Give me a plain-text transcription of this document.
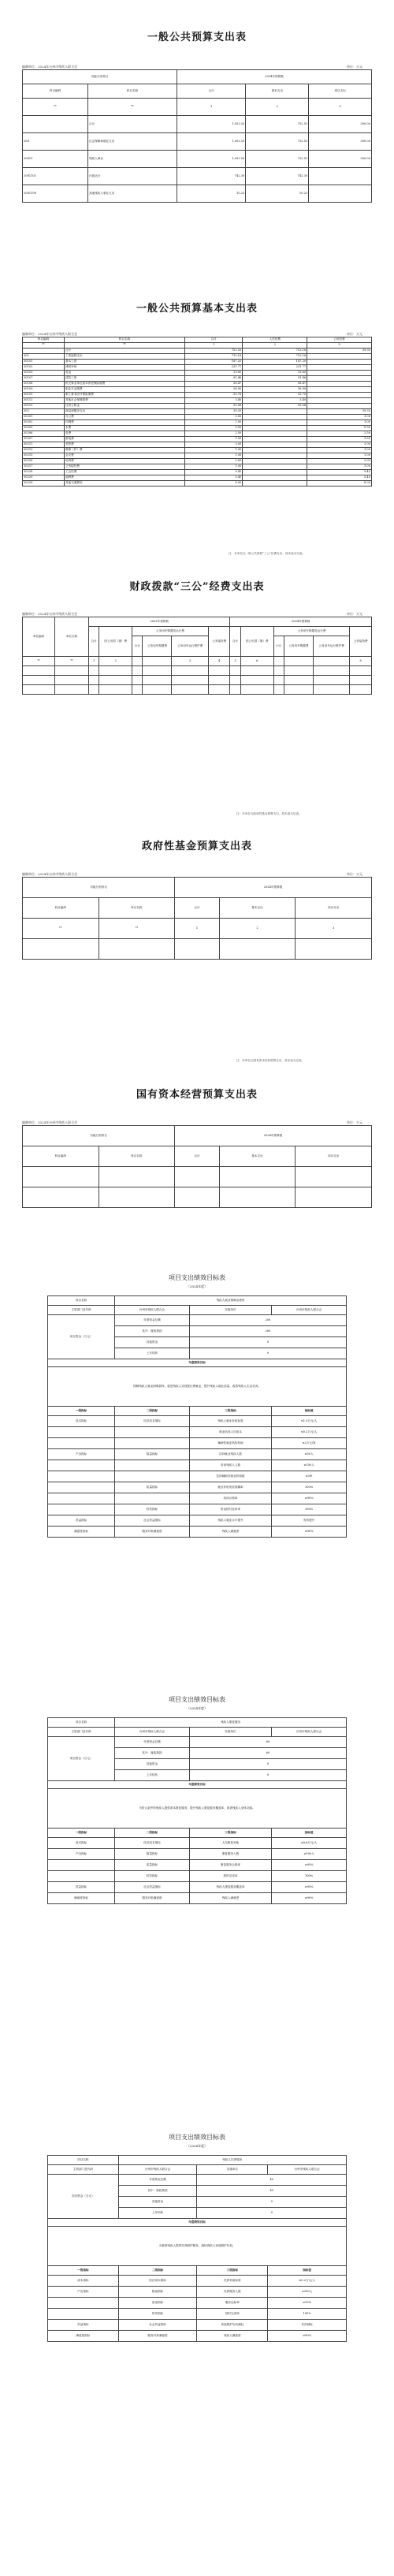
一般公共预算支出表
编制单位：2024年台州市残疾人联合会	单位：万元
功能分类科目		2024年预算数		
科目编码	科目名称	合计	基本支出	项目支出
**	**	1	2	3
	合计	1,052.53	752.53	300.00
208	社会保障和就业支出	1,052.53	752.53	300.00
20811	残疾人事业	1,052.53	752.53	300.00
2081101	行政运行	742.30	742.30	
2081199	其他残疾人事业支出	10.23	10.23	
一般公共预算基本支出表
编制单位：2024年台州市残疾人联合会	单位：万元
科目编码	科目名称	合计	人员经费	公用经费
**	**	1	2	3
	合计	752.53	713.18	39.35
301	工资福利支出	713.18	713.18	
30101	基本工资	187.20	187.20	
30102	津贴补贴	231.77	231.77	
30103	奖金	13.85	13.85	
30107	绩效工资	91.46	91.46	
30108	机关事业单位基本养老保险缴费	58.47	58.47	
30109	职业年金缴费	28.90	28.90	
30110	职工基本医疗保险缴费	33.70	33.70	
30112	其他社会保障缴费	3.40	3.40	
30113	住房公积金	55.06	55.06	
302	商品和服务支出	39.35		39.35
30201	办公费	3.00		3.00
30202	印刷费	1.00		1.00
30205	水费	0.50		0.50
30206	电费	2.50		2.50
30207	邮电费	1.50		1.50
30211	差旅费	3.00		3.00
30213	维修（护）费	1.00		1.00
30215	会议费	1.00		1.00
30216	培训费	2.00		2.00
30217	公务接待费	1.00		1.00
30228	工会经费	9.45		9.45
30229	福利费	5.40		5.40
30239	其他交通费用	8.00		8.00
注：本单位无一般公共预算“三公”经费支出，故本表为空表。
财政拨款“三公”经费支出表
编制单位：2024年台州市残疾人联合会	单位：万元
单位编码	单位名称	2023年预算数						2024年预算数					
		合计	因公出国（境）费	公务用车购置及运行费			公务接待费	合计	因公出国（境）费	公务用车购置及运行费			公务接待费
				小计	公务用车购置费	公务用车运行维护费				小计	公务用车购置费	公务用车运行维护费	
**	**	1	2			3	4	5	6				8

注：本单位无政府性基金预算支出，故本表为空表。
政府性基金预算支出表
编制单位：2024年台州市残疾人联合会	单位：万元
功能分类科目		2024年预算数		
科目编码	科目名称	合计	基本支出	项目支出
**	**	1	2	3

注：本单位无国有资本经营预算支出，故本表为空表。
国有资本经营预算支出表
编制单位：2024年台州市残疾人联合会	单位：万元
功能分类科目		2024年预算数		
科目编码	科目名称	合计	基本支出	项目支出

项目支出绩效目标表
（2024年度）
项目名称	残疾人就业保障金使用		
主管部门及代码	台州市残疾人联合会	实施单位	台州市残疾人联合会
项目资金（万元）	年度资金总额	200	
	其中：财政拨款	200	
	其他资金	0	
	上年结转	0	
年度绩效目标			
保障残疾人就业困难群体，促进残疾人实现按比例就业，提升残疾人就业质量，改善残疾人生活状况。			
一级指标	二级指标	三级指标	指标值
成本指标	经济成本指标	残疾人就业补贴标准	≤1.5万元/人
		职业培训人均成本	≤0.2万元/人
		辅助性就业机构补助	≤2万元/家
产出指标	数量指标	扶持就业残疾人数	≥50人
		培训残疾人人数	≥100人
		扶持辅助性就业机构数	≥3家
	质量指标	就业补贴发放准确率	100%
		培训合格率	≥90%
	时效指标	资金拨付及时率	100%
效益指标	社会效益指标	残疾人就业水平提升	有所提升
满意度指标	服务对象满意度	残疾人满意度	≥90%
项目支出绩效目标表
（2024年度）
项目名称	残疾人康复服务		
主管部门及代码	台州市残疾人联合会	实施单位	台州市残疾人联合会
项目资金（万元）	年度资金总额	60	
	其中：财政拨款	60	
	其他资金	0	
	上年结转	0	
年度绩效目标			
为符合条件的残疾人提供基本康复服务，提升残疾人康复服务覆盖率，改善残疾人身体功能。			
一级指标	二级指标	三级指标	指标值
成本指标	经济成本指标	人均康复补助	≤0.6万元/人
产出指标	数量指标	康复服务人数	≥100人
	质量指标	康复服务合格率	≥95%
	时效指标	按时完成率	100%
效益指标	社会效益指标	残疾人康复服务覆盖率	≥95%
满意度指标	服务对象满意度	残疾人满意度	≥90%
项目支出绩效目标表
（2024年度）
项目名称	残疾人托养服务		
主管部门及代码	台州市残疾人联合会	实施单位	台州市残疾人联合会
项目资金（万元）	年度资金总额	40	
	其中：财政拨款	40	
	其他资金	0	
	上年结转	0	
年度绩效目标			
为重度残疾人提供托养照护服务，减轻残疾人家庭照护负担。			
一级指标	二级指标	三级指标	指标值
成本指标	经济成本指标	托养补助标准	≤0.2万元/人
产出指标	数量指标	托养服务人数	≥200人
	质量指标	服务达标率	≥95%
	时效指标	按时完成率	100%
效益指标	社会效益指标	家庭照护负担减轻	有效减轻
满意度指标	服务对象满意度	残疾人满意度	≥90%
